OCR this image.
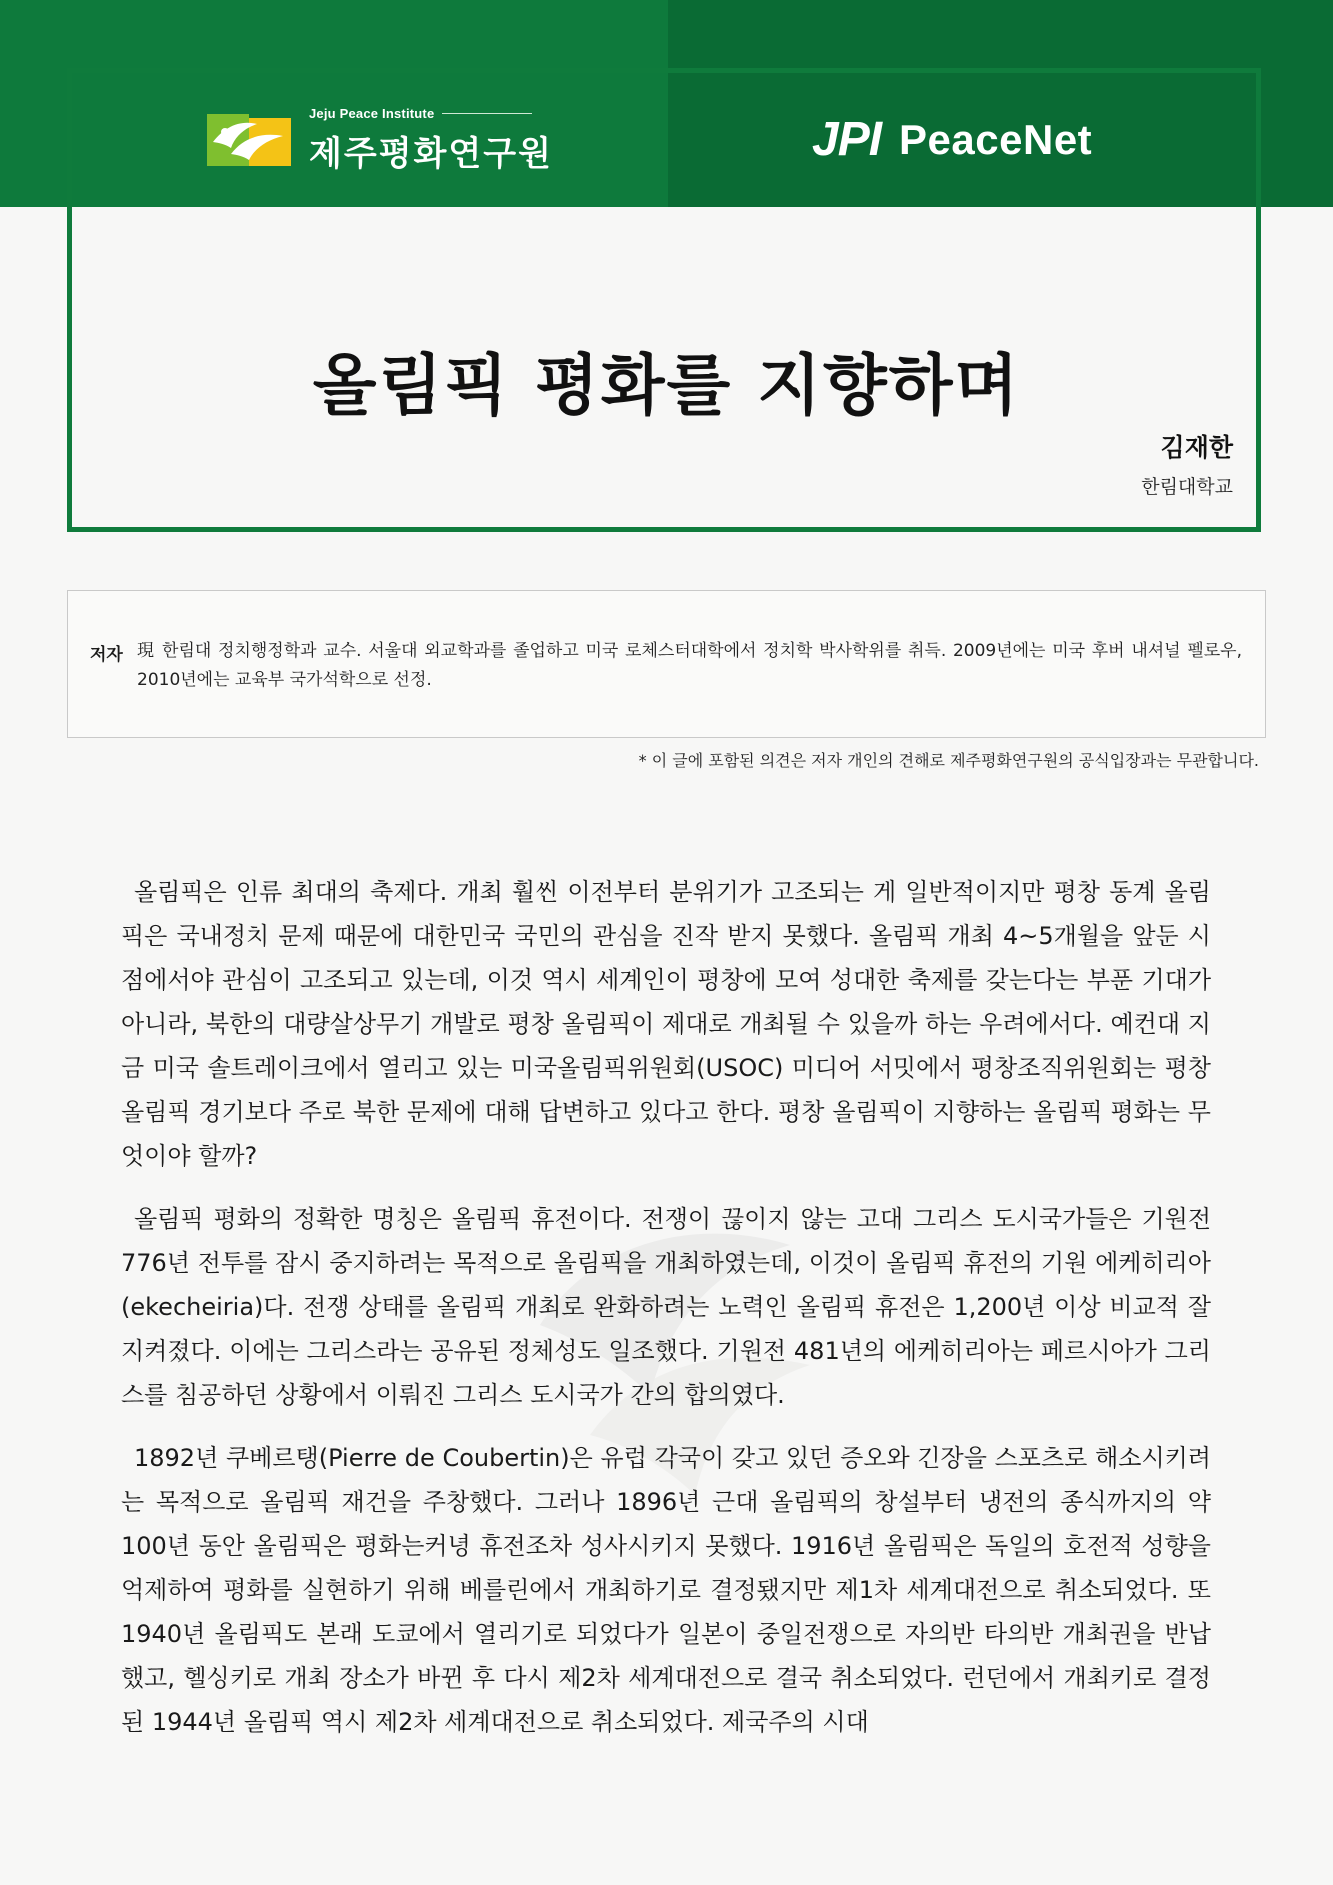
Jeju Peace Institute
제주평화연구원	JPI PeaceNet
올림픽 평화를 지향하며
김재한
한림대학교
저자 現 한림대 정치행정학과 교수. 서울대 외교학과를 졸업하고 미국 로체스터대학에서 정치학 박사학위를 취득. 2009년에는 미국 후버 내셔널 펠로우, 2010년에는 교육부 국가석학으로 선정.
* 이 글에 포함된 의견은 저자 개인의 견해로 제주평화연구원의 공식입장과는 무관합니다.

올림픽은 인류 최대의 축제다. 개최 훨씬 이전부터 분위기가 고조되는 게 일반적이지만 평창 동계 올림픽은 국내정치 문제 때문에 대한민국 국민의 관심을 진작 받지 못했다. 올림픽 개최 4~5개월을 앞둔 시점에서야 관심이 고조되고 있는데, 이것 역시 세계인이 평창에 모여 성대한 축제를 갖는다는 부푼 기대가 아니라, 북한의 대량살상무기 개발로 평창 올림픽이 제대로 개최될 수 있을까 하는 우려에서다. 예컨대 지금 미국 솔트레이크에서 열리고 있는 미국올림픽위원회(USOC) 미디어 서밋에서 평창조직위원회는 평창 올림픽 경기보다 주로 북한 문제에 대해 답변하고 있다고 한다. 평창 올림픽이 지향하는 올림픽 평화는 무엇이야 할까?

올림픽 평화의 정확한 명칭은 올림픽 휴전이다. 전쟁이 끊이지 않는 고대 그리스 도시국가들은 기원전 776년 전투를 잠시 중지하려는 목적으로 올림픽을 개최하였는데, 이것이 올림픽 휴전의 기원 에케히리아(ekecheiria)다. 전쟁 상태를 올림픽 개최로 완화하려는 노력인 올림픽 휴전은 1,200년 이상 비교적 잘 지켜졌다. 이에는 그리스라는 공유된 정체성도 일조했다. 기원전 481년의 에케히리아는 페르시아가 그리스를 침공하던 상황에서 이뤄진 그리스 도시국가 간의 합의였다.

1892년 쿠베르탱(Pierre de Coubertin)은 유럽 각국이 갖고 있던 증오와 긴장을 스포츠로 해소시키려는 목적으로 올림픽 재건을 주창했다. 그러나 1896년 근대 올림픽의 창설부터 냉전의 종식까지의 약 100년 동안 올림픽은 평화는커녕 휴전조차 성사시키지 못했다. 1916년 올림픽은 독일의 호전적 성향을 억제하여 평화를 실현하기 위해 베를린에서 개최하기로 결정됐지만 제1차 세계대전으로 취소되었다. 또 1940년 올림픽도 본래 도쿄에서 열리기로 되었다가 일본이 중일전쟁으로 자의반 타의반 개최권을 반납했고, 헬싱키로 개최 장소가 바뀐 후 다시 제2차 세계대전으로 결국 취소되었다. 런던에서 개최키로 결정된 1944년 올림픽 역시 제2차 세계대전으로 취소되었다. 제국주의 시대
